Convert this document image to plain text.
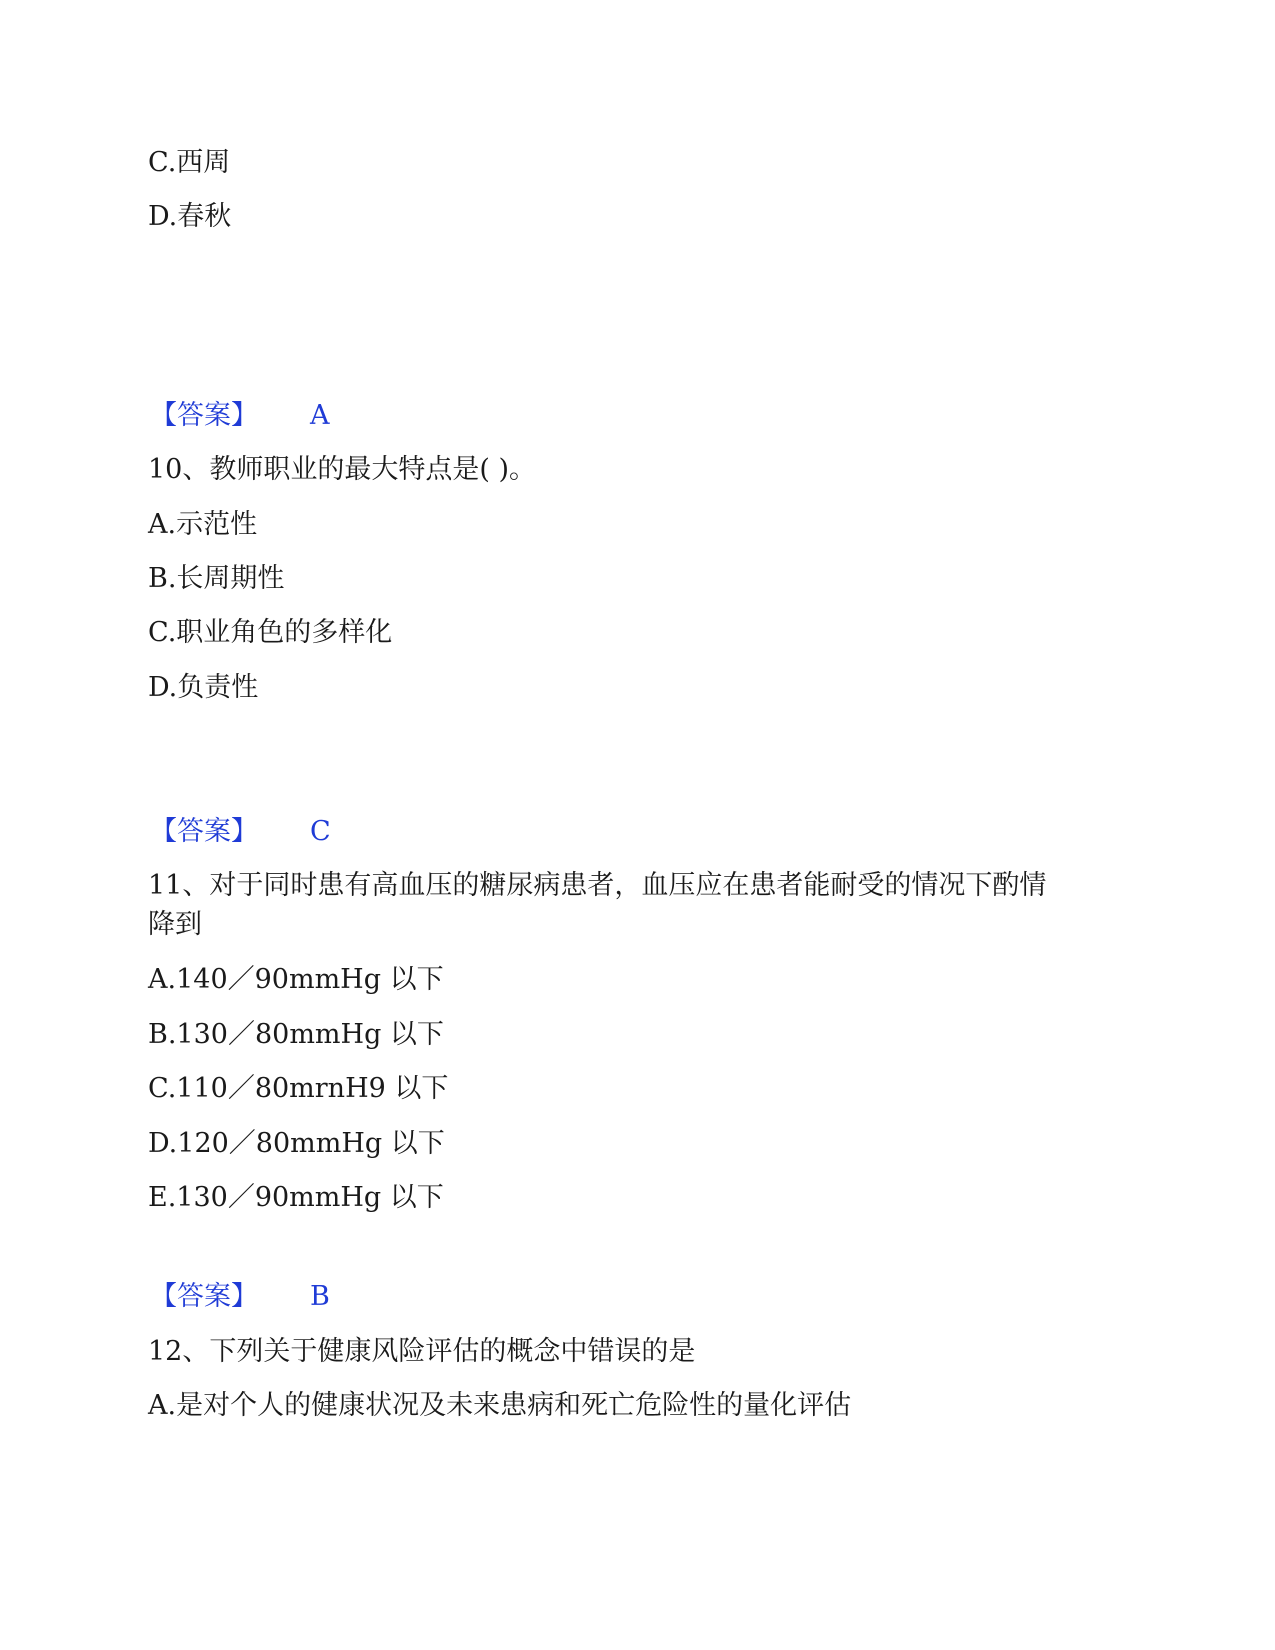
C.西周
D.春秋
【答案】 A
10、教师职业的最大特点是( )。
A.示范性
B.长周期性
C.职业角色的多样化
D.负责性
【答案】 C
11、对于同时患有高血压的糖尿病患者，血压应在患者能耐受的情况下酌情
降到
A.140／90mmHg 以下
B.130／80mmHg 以下
C.110／80mrnH9 以下
D.120／80mmHg 以下
E.130／90mmHg 以下
【答案】 B
12、下列关于健康风险评估的概念中错误的是
A.是对个人的健康状况及未来患病和死亡危险性的量化评估
